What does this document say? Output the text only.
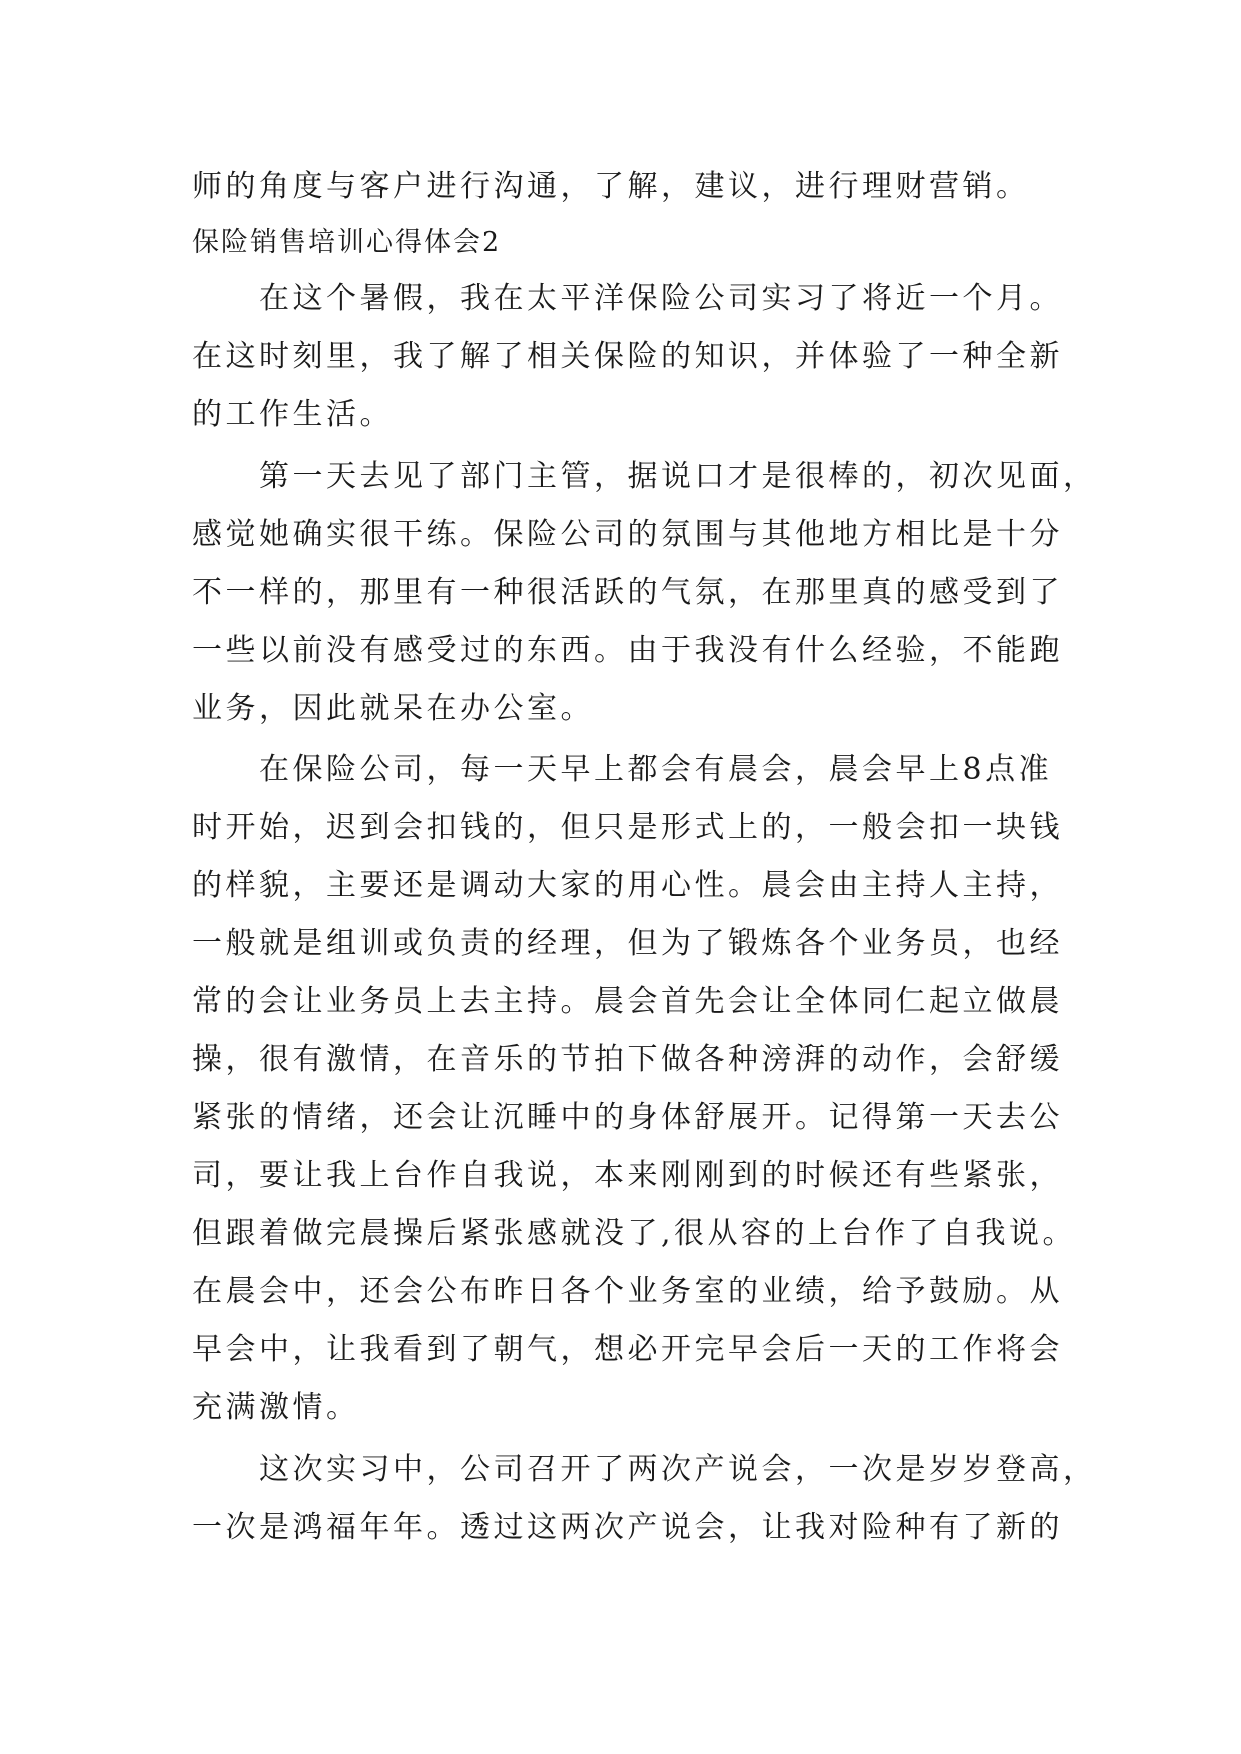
师的角度与客户进行沟通，了解，建议，进行理财营销。
保险销售培训心得体会2
　　在这个暑假，我在太平洋保险公司实习了将近一个月。
在这时刻里，我了解了相关保险的知识，并体验了一种全新
的工作生活。
　　第一天去见了部门主管，据说口才是很棒的，初次见面，
感觉她确实很干练。保险公司的氛围与其他地方相比是十分
不一样的，那里有一种很活跃的气氛，在那里真的感受到了
一些以前没有感受过的东西。由于我没有什么经验，不能跑
业务，因此就呆在办公室。
　　在保险公司，每一天早上都会有晨会，晨会早上8点准
时开始，迟到会扣钱的，但只是形式上的，一般会扣一块钱
的样貌，主要还是调动大家的用心性。晨会由主持人主持，
一般就是组训或负责的经理，但为了锻炼各个业务员，也经
常的会让业务员上去主持。晨会首先会让全体同仁起立做晨
操，很有激情，在音乐的节拍下做各种滂湃的动作，会舒缓
紧张的情绪，还会让沉睡中的身体舒展开。记得第一天去公
司，要让我上台作自我说，本来刚刚到的时候还有些紧张，
但跟着做完晨操后紧张感就没了,很从容的上台作了自我说。
在晨会中，还会公布昨日各个业务室的业绩，给予鼓励。从
早会中，让我看到了朝气，想必开完早会后一天的工作将会
充满激情。
　　这次实习中，公司召开了两次产说会，一次是岁岁登高，
一次是鸿福年年。透过这两次产说会，让我对险种有了新的
